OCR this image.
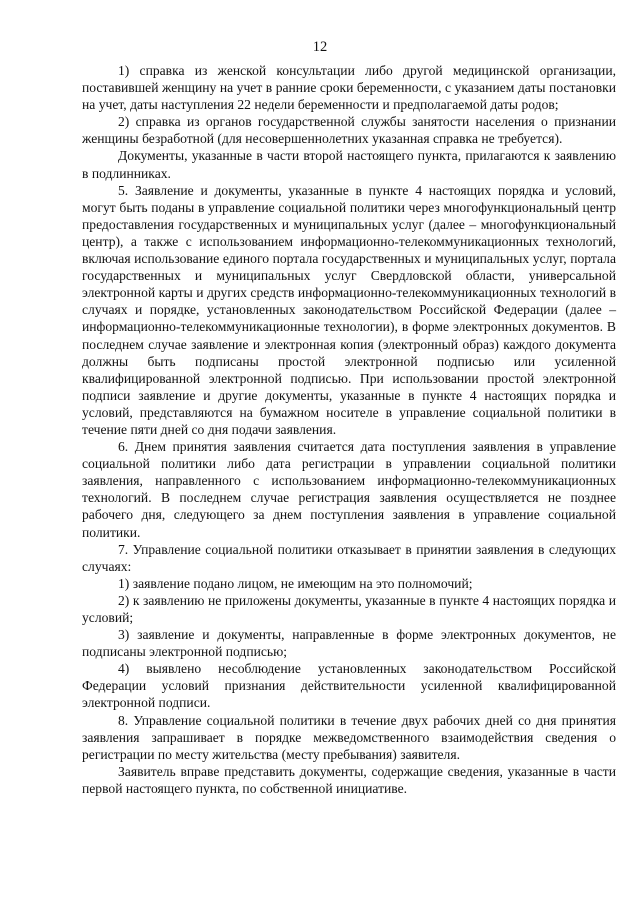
12

1) справка из женской консультации либо другой медицинской организации, поставившей женщину на учет в ранние сроки беременности, с указанием даты постановки на учет, даты наступления 22 недели беременности и предполагаемой даты родов;

2) справка из органов государственной службы занятости населения о признании женщины безработной (для несовершеннолетних указанная справка не требуется).

Документы, указанные в части второй настоящего пункта, прилагаются к заявлению в подлинниках.

5. Заявление и документы, указанные в пункте 4 настоящих порядка и условий, могут быть поданы в управление социальной политики через многофункциональный центр предоставления государственных и муниципальных услуг (далее – многофункциональный центр), а также с использованием информационно-телекоммуникационных технологий, включая использование единого портала государственных и муниципальных услуг, портала государственных и муниципальных услуг Свердловской области, универсальной электронной карты и других средств информационно-телекоммуникационных технологий в случаях и порядке, установленных законодательством Российской Федерации (далее – информационно-телекоммуникационные технологии), в форме электронных документов. В последнем случае заявление и электронная копия (электронный образ) каждого документа должны быть подписаны простой электронной подписью или усиленной квалифицированной электронной подписью. При использовании простой электронной подписи заявление и другие документы, указанные в пункте 4 настоящих порядка и условий, представляются на бумажном носителе в управление социальной политики в течение пяти дней со дня подачи заявления.

6. Днем принятия заявления считается дата поступления заявления в управление социальной политики либо дата регистрации в управлении социальной политики заявления, направленного с использованием информационно-телекоммуникационных технологий. В последнем случае регистрация заявления осуществляется не позднее рабочего дня, следующего за днем поступления заявления в управление социальной политики.

7. Управление социальной политики отказывает в принятии заявления в следующих случаях:

1) заявление подано лицом, не имеющим на это полномочий;

2) к заявлению не приложены документы, указанные в пункте 4 настоящих порядка и условий;

3) заявление и документы, направленные в форме электронных документов, не подписаны электронной подписью;

4) выявлено несоблюдение установленных законодательством Российской Федерации условий признания действительности усиленной квалифицированной электронной подписи.

8. Управление социальной политики в течение двух рабочих дней со дня принятия заявления запрашивает в порядке межведомственного взаимодействия сведения о регистрации по месту жительства (месту пребывания) заявителя.

Заявитель вправе представить документы, содержащие сведения, указанные в части первой настоящего пункта, по собственной инициативе.
